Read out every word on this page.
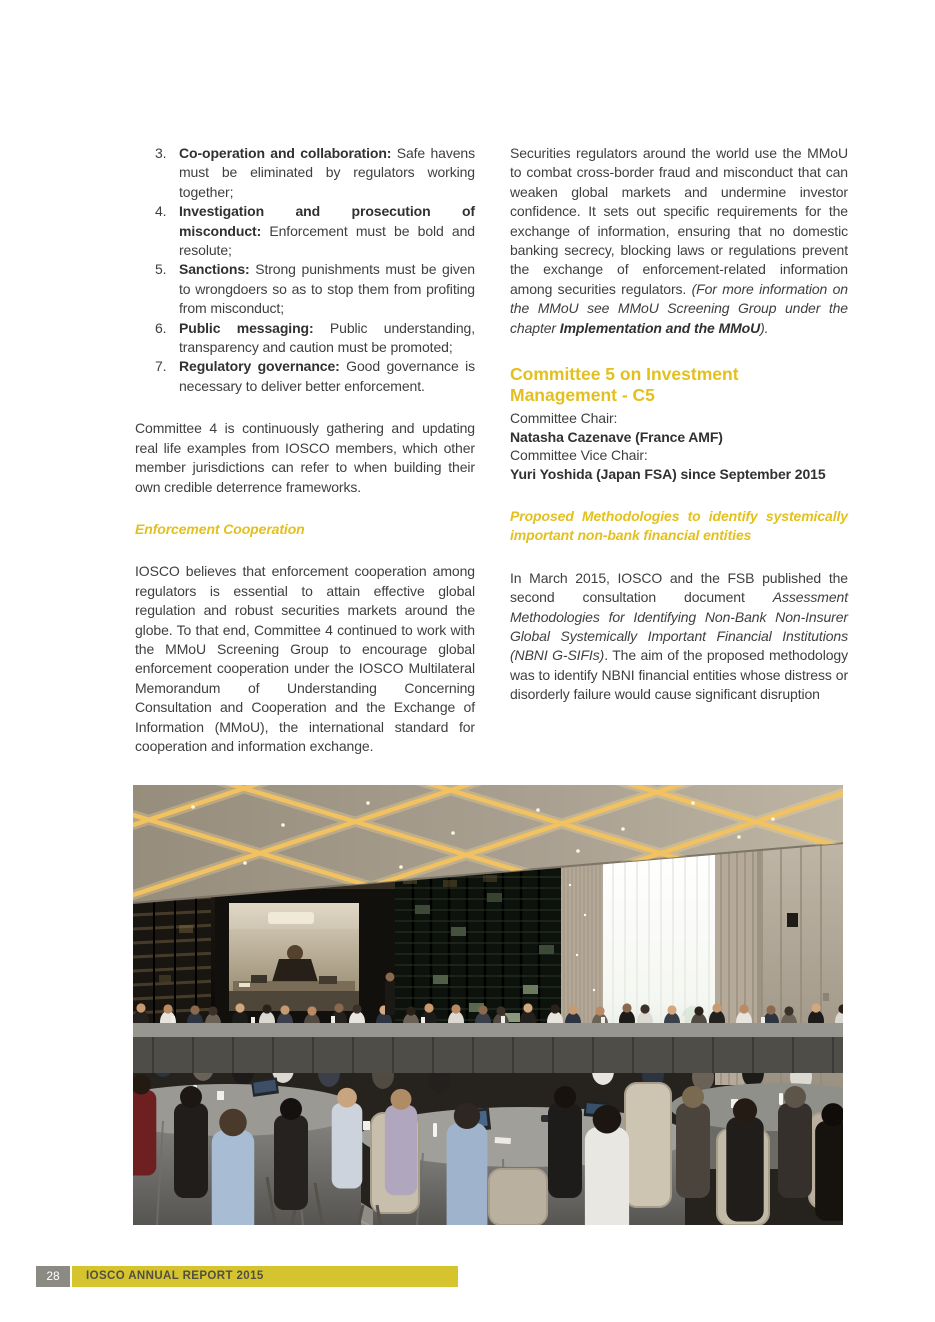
3. Co-operation and collaboration: Safe havens must be eliminated by regulators working together;
4. Investigation and prosecution of misconduct: Enforcement must be bold and resolute;
5. Sanctions: Strong punishments must be given to wrongdoers so as to stop them from profiting from misconduct;
6. Public messaging: Public understanding, transparency and caution must be promoted;
7. Regulatory governance: Good governance is necessary to deliver better enforcement.
Committee 4 is continuously gathering and updating real life examples from IOSCO members, which other member jurisdictions can refer to when building their own credible deterrence frameworks.
Enforcement Cooperation
IOSCO believes that enforcement cooperation among regulators is essential to attain effective global regulation and robust securities markets around the globe. To that end, Committee 4 continued to work with the MMoU Screening Group to encourage global enforcement cooperation under the IOSCO Multilateral Memorandum of Understanding Concerning Consultation and Cooperation and the Exchange of Information (MMoU), the international standard for cooperation and information exchange.
Securities regulators around the world use the MMoU to combat cross-border fraud and misconduct that can weaken global markets and undermine investor confidence. It sets out specific requirements for the exchange of information, ensuring that no domestic banking secrecy, blocking laws or regulations prevent the exchange of enforcement-related information among securities regulators. (For more information on the MMoU see MMoU Screening Group under the chapter Implementation and the MMoU).
Committee 5 on Investment
Management - C5
Committee Chair:
Natasha Cazenave (France AMF)
Committee Vice Chair:
Yuri Yoshida (Japan FSA) since September 2015
Proposed Methodologies to identify systemically important non-bank financial entities
In March 2015, IOSCO and the FSB published the second consultation document Assessment Methodologies for Identifying Non-Bank Non-Insurer Global Systemically Important Financial Institutions (NBNI G-SIFIs). The aim of the proposed methodology was to identify NBNI financial entities whose distress or disorderly failure would cause significant disruption
28	IOSCO ANNUAL REPORT 2015
